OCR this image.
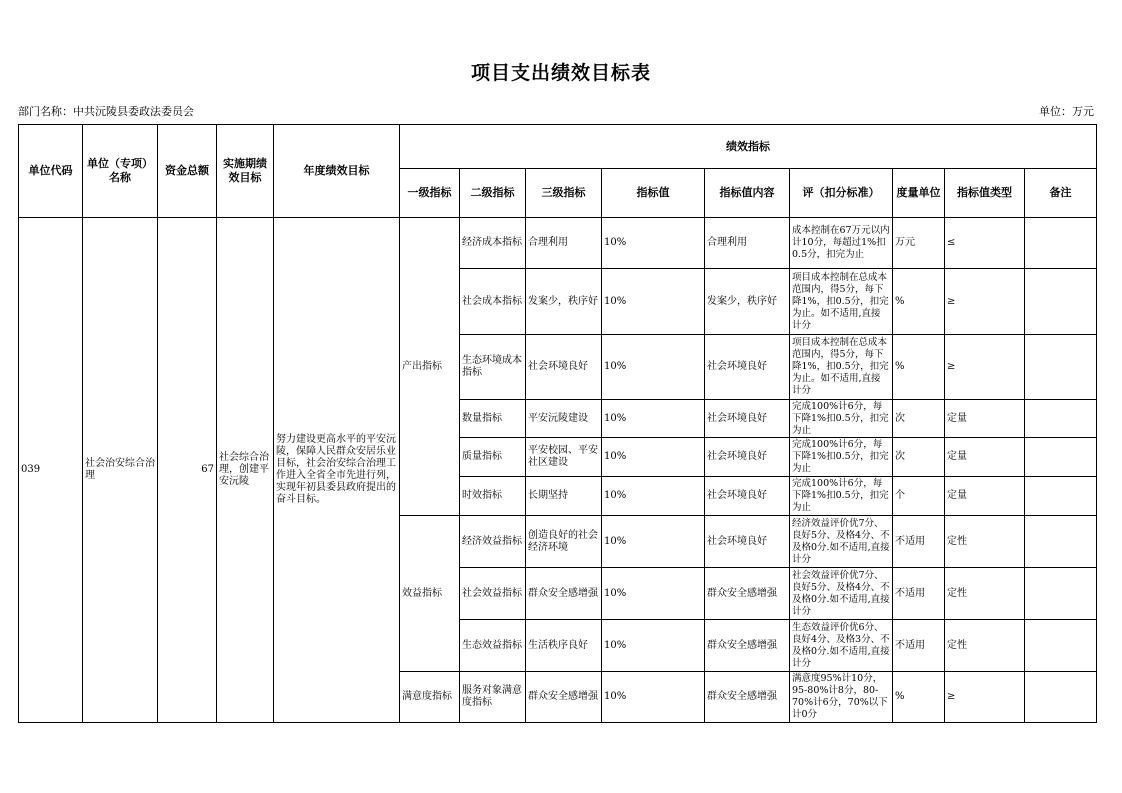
项目支出绩效目标表
部门名称：中共沅陵县委政法委员会	单位：万元
单位代码	单位（专项）名称	资金总额	实施期绩效目标	年度绩效目标	绩效指标								
					一级指标	二级指标	三级指标	指标值	指标值内容	评（扣分标准）	度量单位	指标值类型	备注
039	社会治安综合治理	67	社会综合治理，创建平安沅陵	努力建设更高水平的平安沅陵，保障人民群众安居乐业目标，社会治安综合治理工作进入全省全市先进行列，实现年初县委县政府提出的奋斗目标。	产出指标	经济成本指标	合理利用	10%	合理利用	成本控制在67万元以内计10分，每超过1%扣0.5分，扣完为止	万元	≤	
						社会成本指标	发案少，秩序好	10%	发案少，秩序好	项目成本控制在总成本范围内，得5分，每下降1%，扣0.5分，扣完为止。如不适用,直接计分	%	≥	
						生态环境成本指标	社会环境良好	10%	社会环境良好	项目成本控制在总成本范围内，得5分，每下降1%，扣0.5分，扣完为止。如不适用,直接计分	%	≥	
						数量指标	平安沅陵建设	10%	社会环境良好	完成100%计6分，每下降1%扣0.5分，扣完为止	次	定量	
						质量指标	平安校园、平安社区建设	10%	社会环境良好	完成100%计6分，每下降1%扣0.5分，扣完为止	次	定量	
						时效指标	长期坚持	10%	社会环境良好	完成100%计6分，每下降1%扣0.5分，扣完为止	个	定量	
					效益指标	经济效益指标	创造良好的社会经济环境	10%	社会环境良好	经济效益评价优7分、良好5分、及格4分、不及格0分.如不适用,直接计分	不适用	定性	
						社会效益指标	群众安全感增强	10%	群众安全感增强	社会效益评价优7分、良好5分、及格4分、不及格0分.如不适用,直接计分	不适用	定性	
						生态效益指标	生活秩序良好	10%	群众安全感增强	生态效益评价优6分、良好4分、及格3分、不及格0分.如不适用,直接计分	不适用	定性	
					满意度指标	服务对象满意度指标	群众安全感增强	10%	群众安全感增强	满意度95%计10分，95-80%计8分，80-70%计6分，70%以下计0分	%	≥	
